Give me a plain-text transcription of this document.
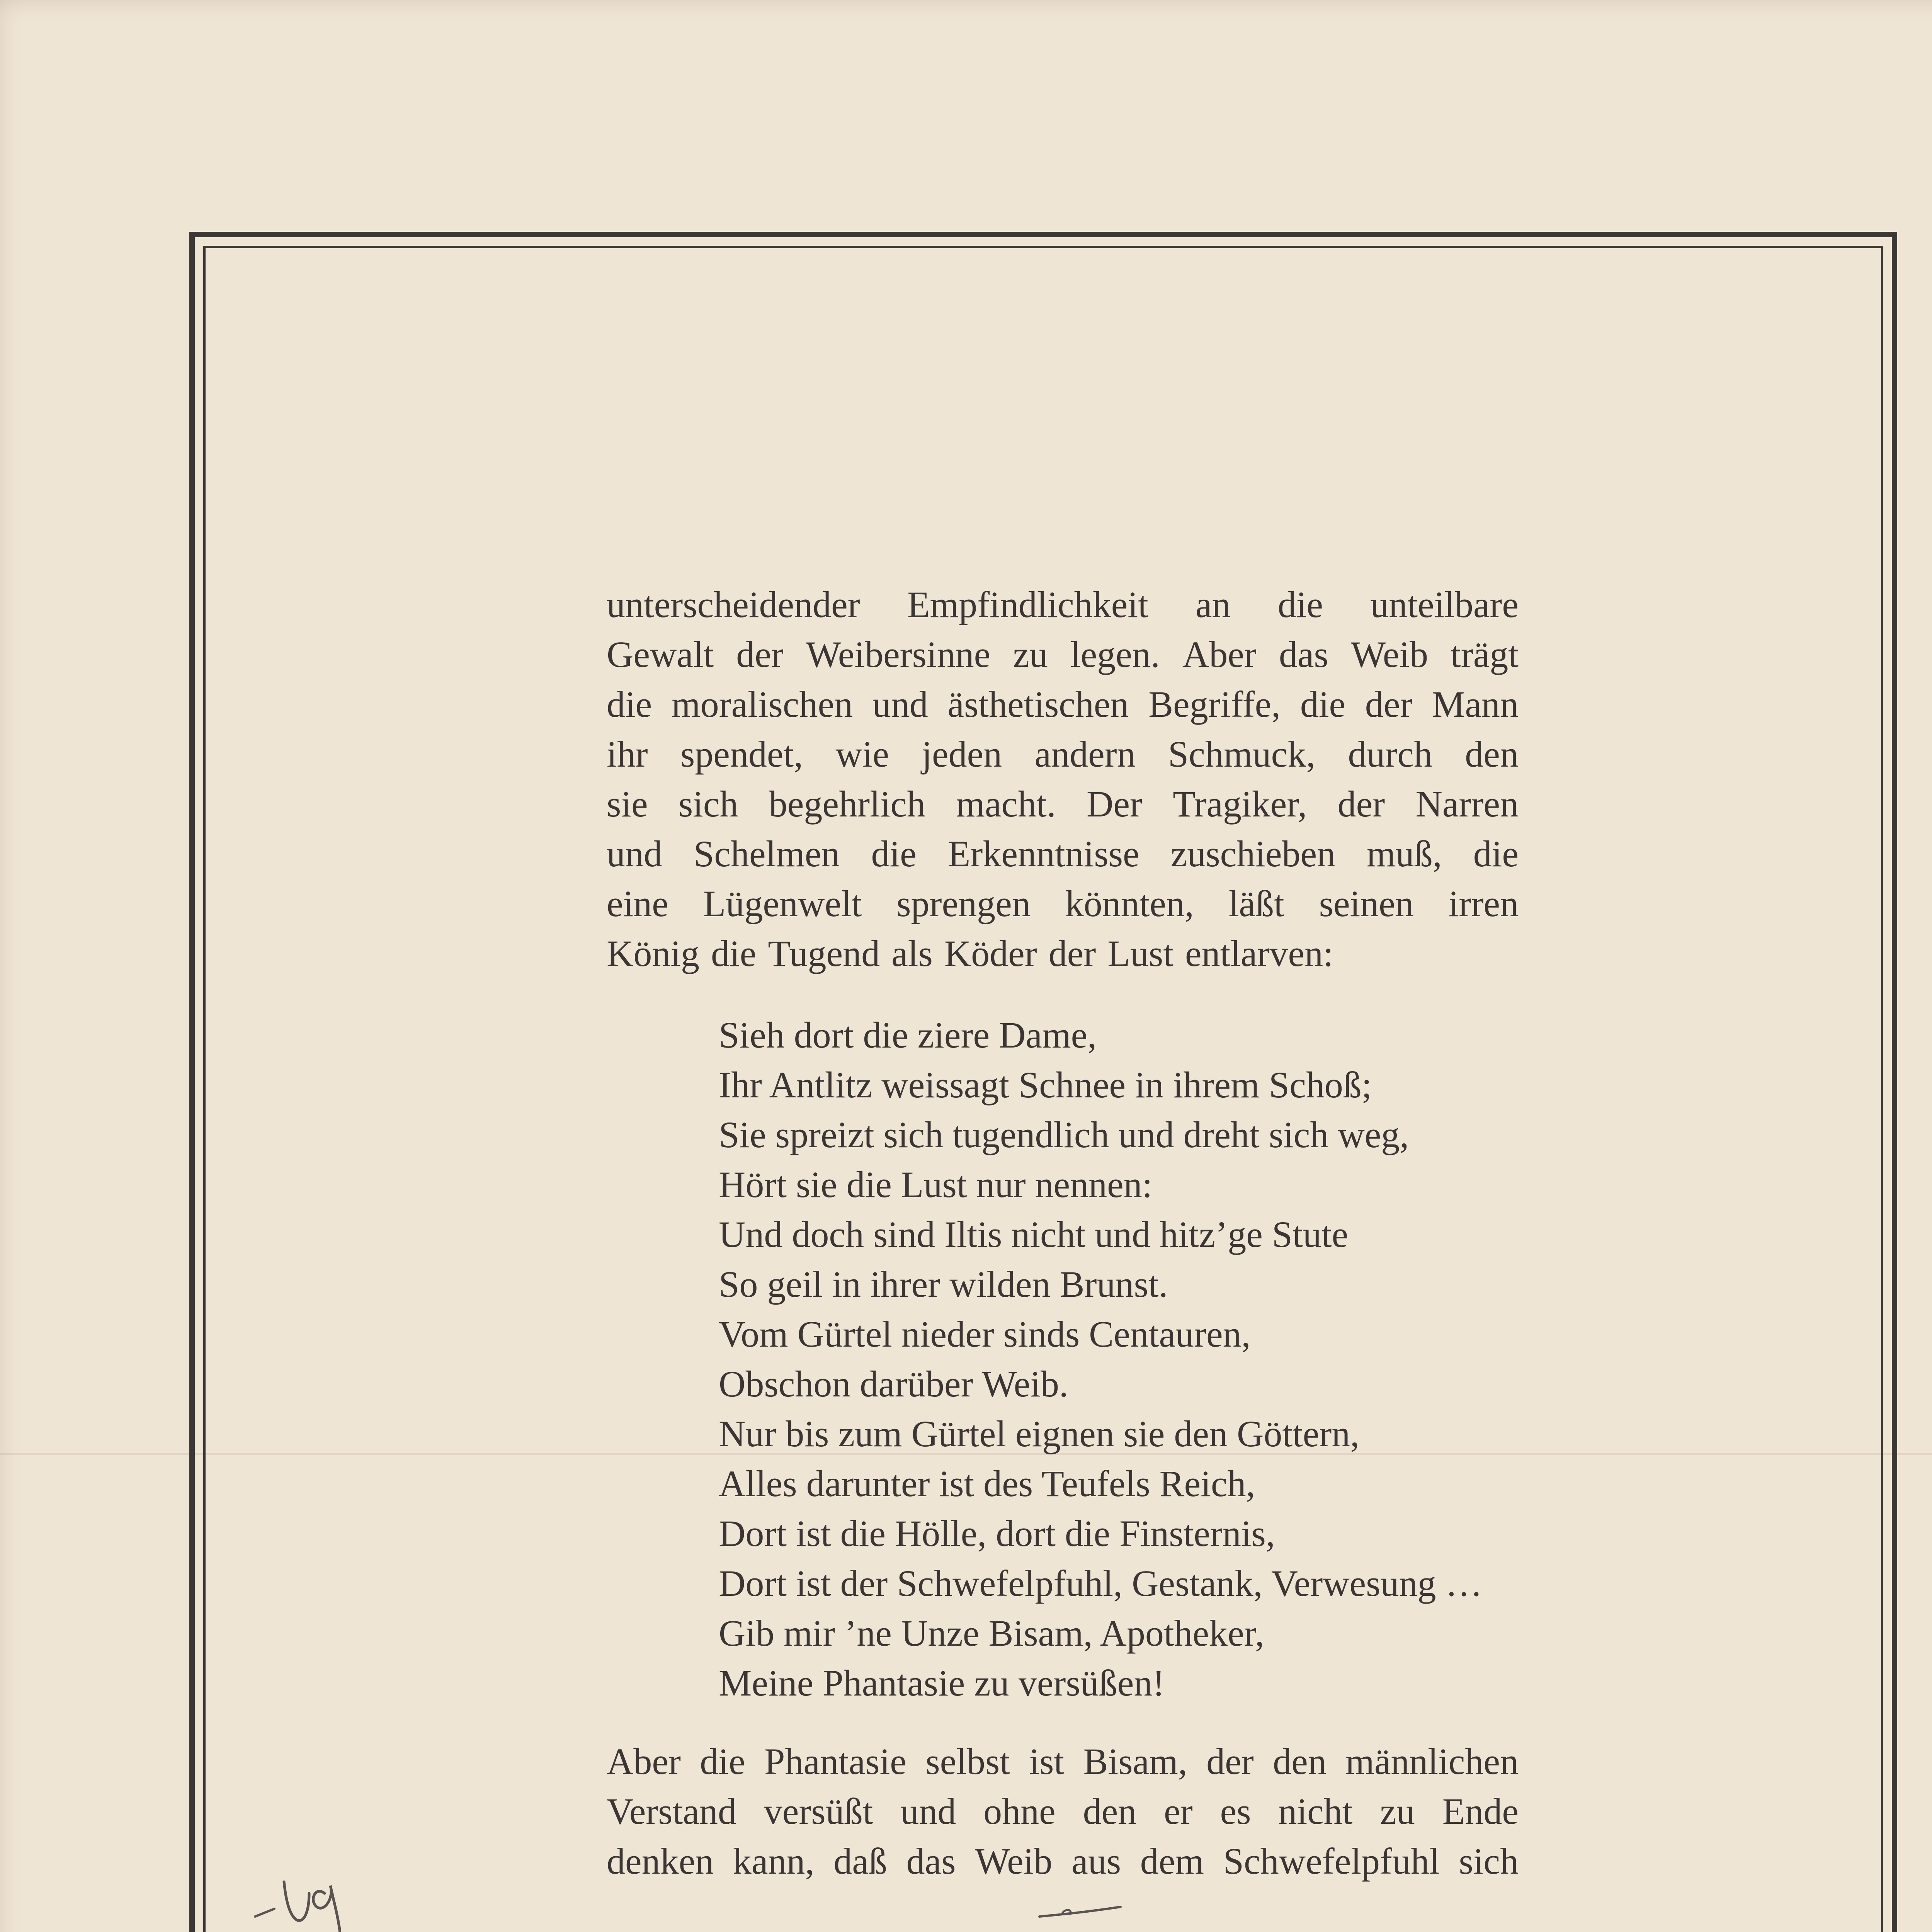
unterscheidender Empfindlichkeit an die unteilbare
Gewalt der Weibersinne zu legen. Aber das Weib trägt
die moralischen und ästhetischen Begriffe, die der Mann
ihr spendet, wie jeden andern Schmuck, durch den
sie sich begehrlich macht. Der Tragiker, der Narren
und Schelmen die Erkenntnisse zuschieben muß, die
eine Lügenwelt sprengen könnten, läßt seinen irren
König die Tugend als Köder der Lust entlarven:
Sieh dort die ziere Dame,
Ihr Antlitz weissagt Schnee in ihrem Schoß;
Sie spreizt sich tugendlich und dreht sich weg,
Hört sie die Lust nur nennen:
Und doch sind Iltis nicht und hitz’ge Stute
So geil in ihrer wilden Brunst.
Vom Gürtel nieder sinds Centauren,
Obschon darüber Weib.
Nur bis zum Gürtel eignen sie den Göttern,
Alles darunter ist des Teufels Reich,
Dort ist die Hölle, dort die Finsternis,
Dort ist der Schwefelpfuhl, Gestank, Verwesung …
Gib mir ’ne Unze Bisam, Apotheker,
Meine Phantasie zu versüßen!
Aber die Phantasie selbst ist Bisam, der den männlichen
Verstand versüßt und ohne den er es nicht zu Ende
denken kann, daß das Weib aus dem Schwefelpfuhl sich
